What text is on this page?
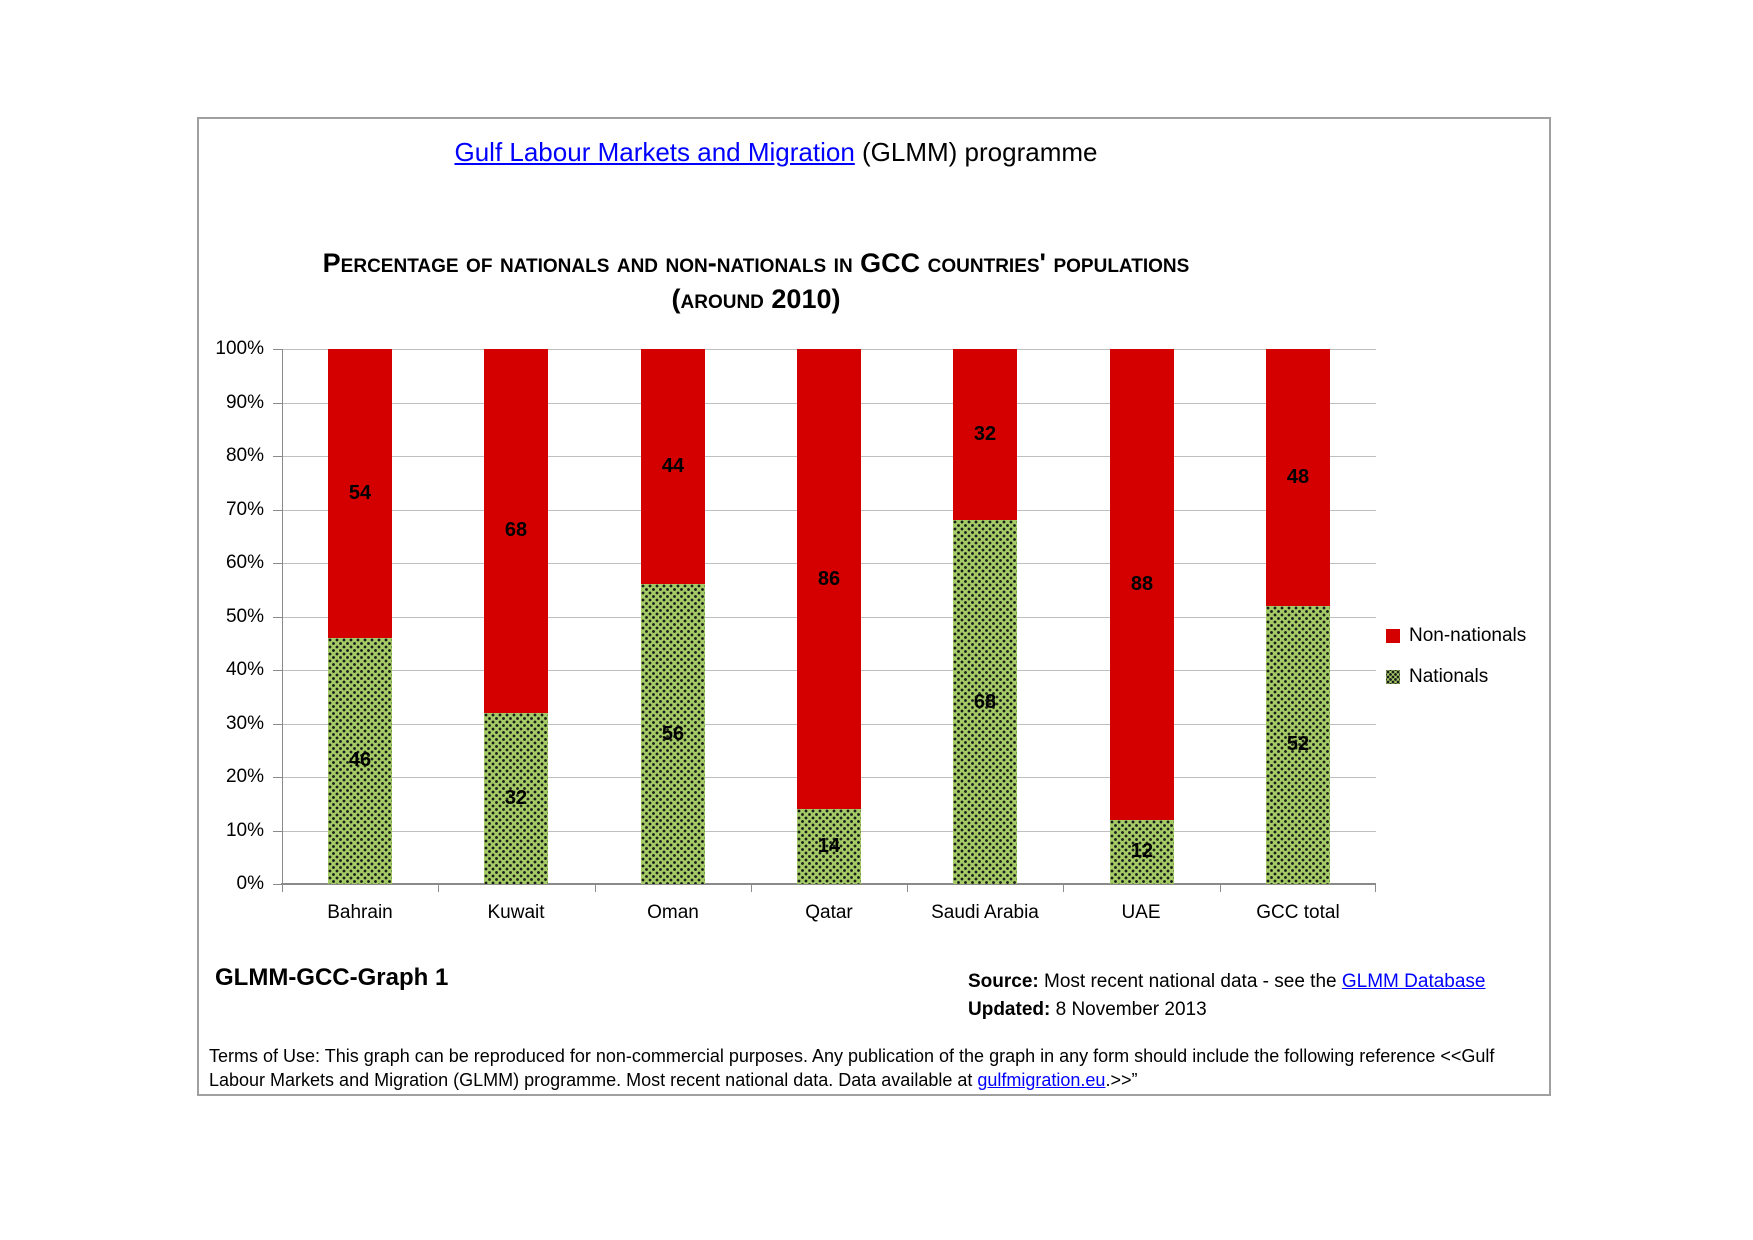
Gulf Labour Markets and Migration (GLMM) programme
Percentage of nationals and non-nationals in GCC countries' populations
(around 2010)
100%
90%
80%
70%
60%
50%
40%
30%
20%
10%
0%
54
46
Bahrain
68
32
Kuwait
44
56
Oman
86
14
Qatar
32
68
Saudi Arabia
88
12
UAE
48
52
GCC total
Non-nationals
Nationals
GLMM-GCC-Graph 1	Source: Most recent national data - see the GLMM Database
Updated: 8 November 2013
Terms of Use: This graph can be reproduced for non-commercial purposes. Any publication of the graph in any form should include the following reference <<Gulf Labour Markets and Migration (GLMM) programme. Most recent national data. Data available at gulfmigration.eu.>>”
